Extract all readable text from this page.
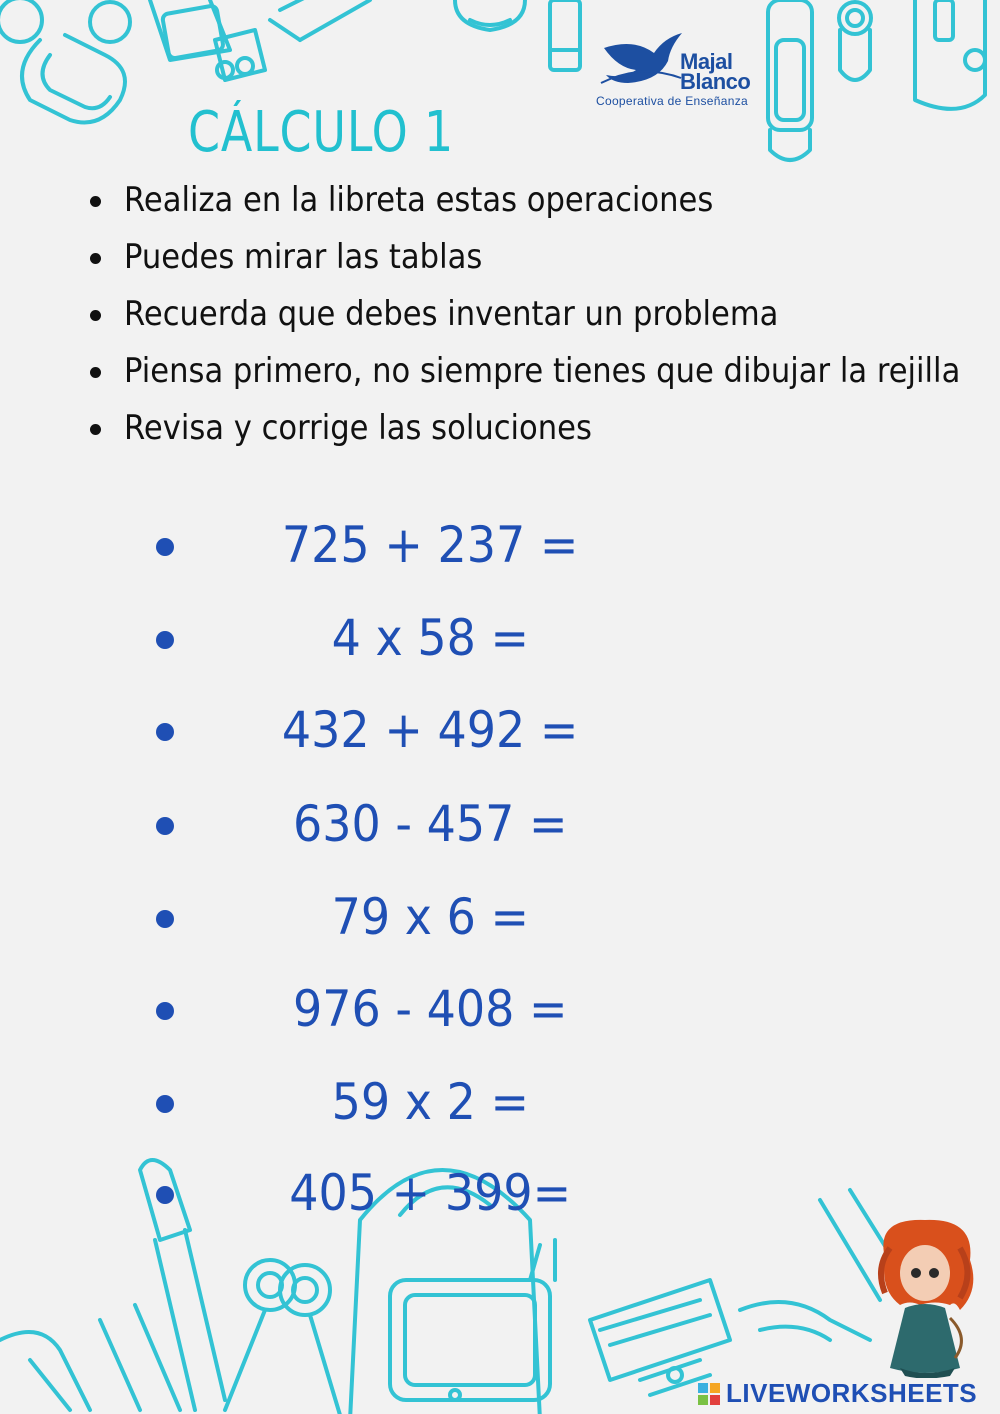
Majal
Blanco
Cooperativa de Enseñanza
CÁLCULO 1
Realiza en la libreta estas operaciones
Puedes mirar las tablas
Recuerda que debes inventar un problema
Piensa primero, no siempre tienes que dibujar la rejilla
Revisa y corrige las soluciones
725 + 237 =
4 x 58 =
432 + 492 =
630 - 457 =
79 x 6 =
976 - 408 =
59 x 2 =
405 + 399=
LIVEWORKSHEETS
